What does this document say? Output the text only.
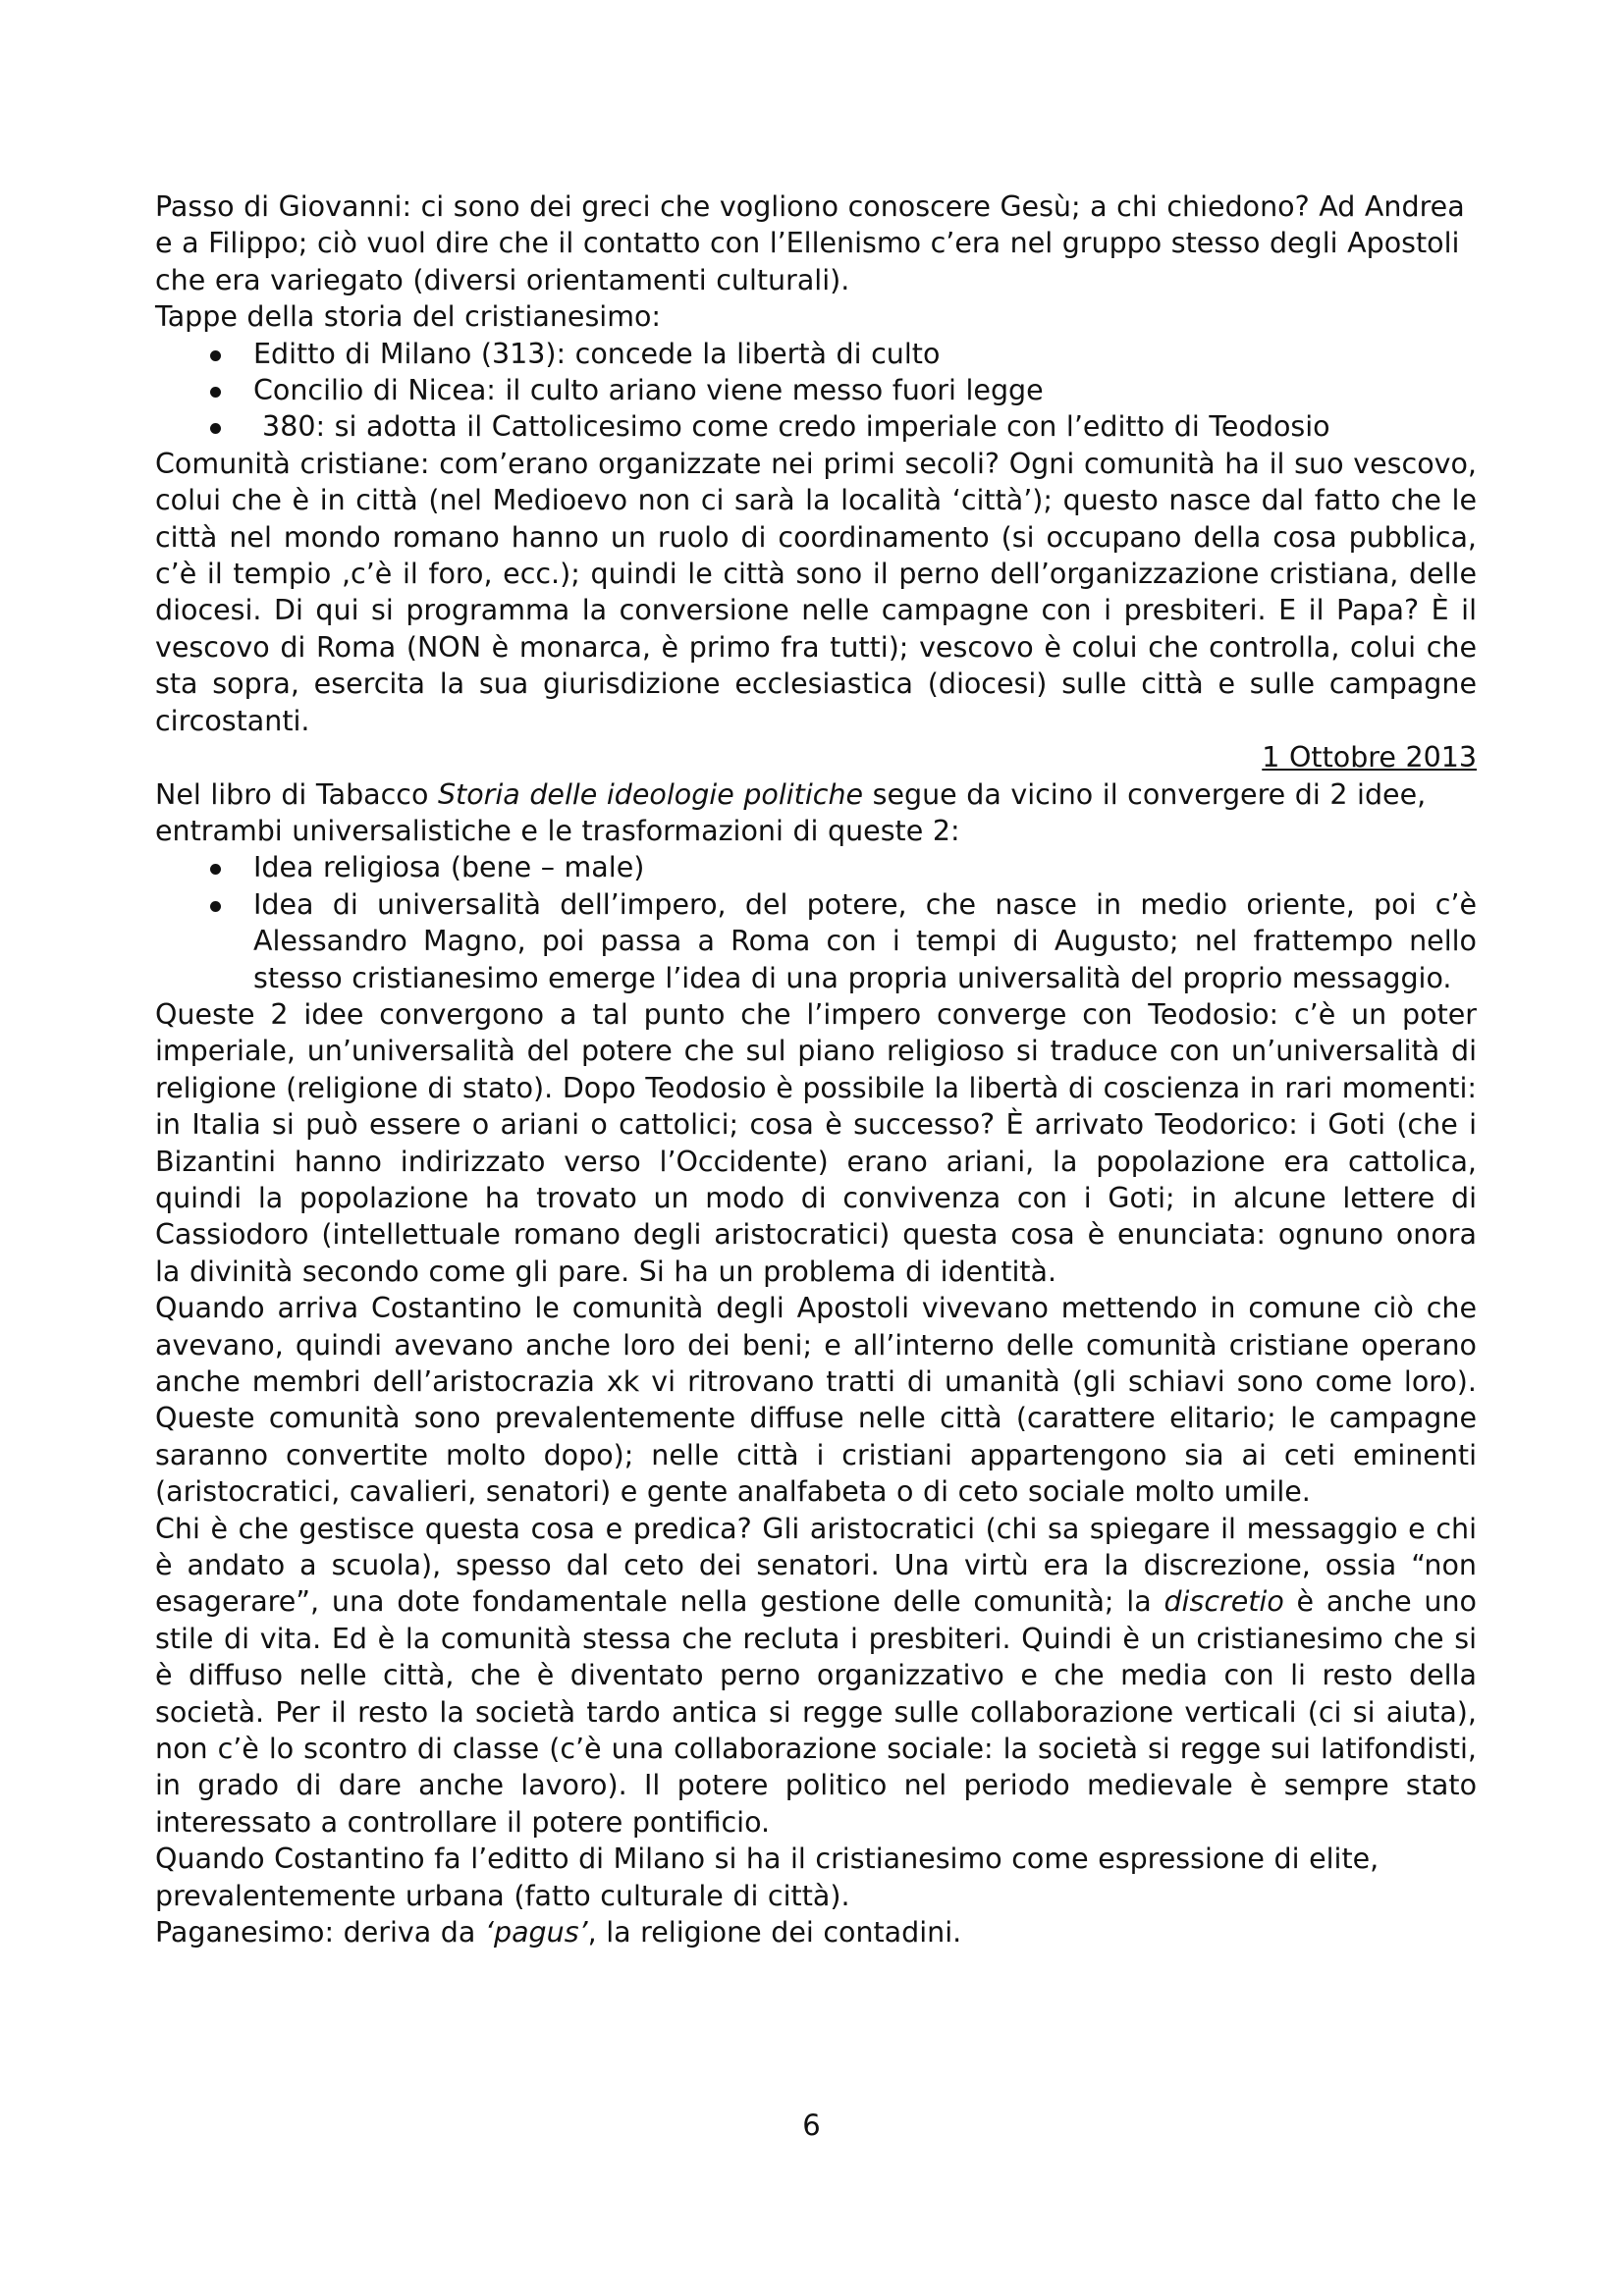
Passo di Giovanni: ci sono dei greci che vogliono conoscere Gesù; a chi chiedono? Ad Andrea e a Filippo; ciò vuol dire che il contatto con l’Ellenismo c’era nel gruppo stesso degli Apostoli che era variegato (diversi orientamenti culturali).

Tappe della storia del cristianesimo:

Editto di Milano (313): concede la libertà di culto
Concilio di Nicea: il culto ariano viene messo fuori legge
380: si adotta il Cattolicesimo come credo imperiale con l’editto di Teodosio

Comunità cristiane: com’erano organizzate nei primi secoli? Ogni comunità ha il suo vescovo, colui che è in città (nel Medioevo non ci sarà la località ‘città’); questo nasce dal fatto che le città nel mondo romano hanno un ruolo di coordinamento (si occupano della cosa pubblica, c’è il tempio ,c’è il foro, ecc.); quindi le città sono il perno dell’organizzazione cristiana, delle diocesi. Di qui si programma la conversione nelle campagne con i presbiteri. E il Papa? È il vescovo di Roma (NON è monarca, è primo fra tutti); vescovo è colui che controlla, colui che sta sopra, esercita la sua giurisdizione ecclesiastica (diocesi) sulle città e sulle campagne circostanti.

1 Ottobre 2013

Nel libro di Tabacco Storia delle ideologie politiche segue da vicino il convergere di 2 idee, entrambi universalistiche e le trasformazioni di queste 2:

Idea religiosa (bene – male)
Idea di universalità dell’impero, del potere, che nasce in medio oriente, poi c’è Alessandro Magno, poi passa a Roma con i tempi di Augusto; nel frattempo nello stesso cristianesimo emerge l’idea di una propria universalità del proprio messaggio.

Queste 2 idee convergono a tal punto che l’impero converge con Teodosio: c’è un poter imperiale, un’universalità del potere che sul piano religioso si traduce con un’universalità di religione (religione di stato). Dopo Teodosio è possibile la libertà di coscienza in rari momenti: in Italia si può essere o ariani o cattolici; cosa è successo? È arrivato Teodorico: i Goti (che i Bizantini hanno indirizzato verso l’Occidente) erano ariani, la popolazione era cattolica, quindi la popolazione ha trovato un modo di convivenza con i Goti; in alcune lettere di Cassiodoro (intellettuale romano degli aristocratici) questa cosa è enunciata: ognuno onora la divinità secondo come gli pare. Si ha un problema di identità.

Quando arriva Costantino le comunità degli Apostoli vivevano mettendo in comune ciò che avevano, quindi avevano anche loro dei beni; e all’interno delle comunità cristiane operano anche membri dell’aristocrazia xk vi ritrovano tratti di umanità (gli schiavi sono come loro). Queste comunità sono prevalentemente diffuse nelle città (carattere elitario; le campagne saranno convertite molto dopo); nelle città i cristiani appartengono sia ai ceti eminenti (aristocratici, cavalieri, senatori) e gente analfabeta o di ceto sociale molto umile.

Chi è che gestisce questa cosa e predica? Gli aristocratici (chi sa spiegare il messaggio e chi è andato a scuola), spesso dal ceto dei senatori. Una virtù era la discrezione, ossia “non esagerare”, una dote fondamentale nella gestione delle comunità; la discretio è anche uno stile di vita. Ed è la comunità stessa che recluta i presbiteri. Quindi è un cristianesimo che si è diffuso nelle città, che è diventato perno organizzativo e che media con li resto della società. Per il resto la società tardo antica si regge sulle collaborazione verticali (ci si aiuta), non c’è lo scontro di classe (c’è una collaborazione sociale: la società si regge sui latifondisti, in grado di dare anche lavoro). Il potere politico nel periodo medievale è sempre stato interessato a controllare il potere pontificio.

Quando Costantino fa l’editto di Milano si ha il cristianesimo come espressione di elite, prevalentemente urbana (fatto culturale di città).

Paganesimo: deriva da ‘pagus’, la religione dei contadini.

6
